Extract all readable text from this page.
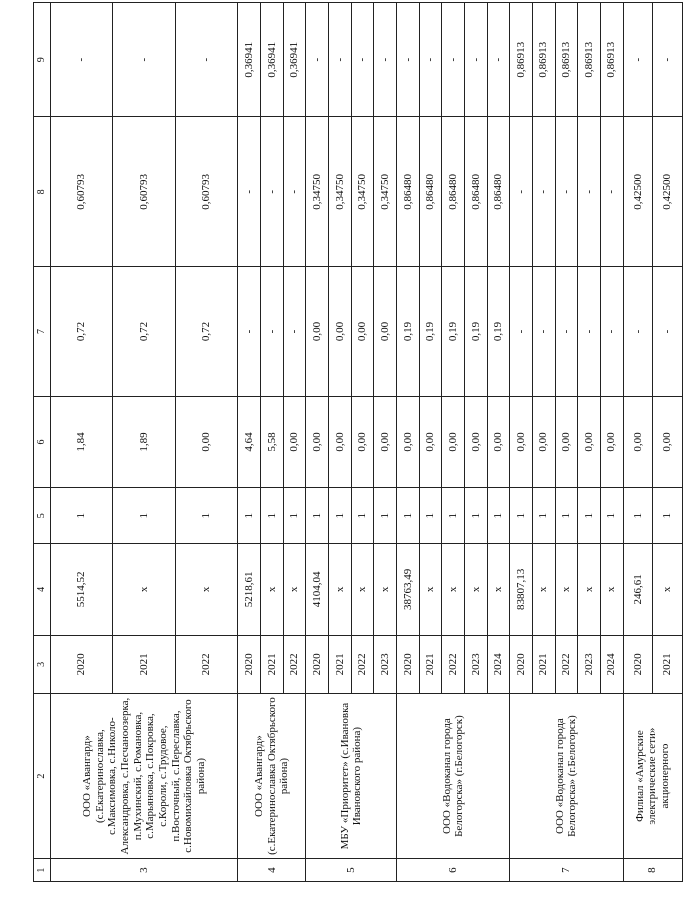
1	2	3	4	5	6	7	8	9
3	ООО «Авангард» (с.Екатеринославка, с.Максимовка, с.Николо-Александровка, с.Песчаноозерка, п.Мухинский, с.Романовка, с.Марьяновка, с.Покровка, с.Короли, с.Трудовое, п.Восточный, с.Переславка, с.Новомихайловка Октябрьского района)	2020	5514,52	1	1,84	0,72	0,60793	-
		2021	x	1	1,89	0,72	0,60793	-
		2022	x	1	0,00	0,72	0,60793	-
4	ООО «Авангард» (с.Екатеринославка Октябрьского района)	2020	5218,61	1	4,64	-	-	0,36941
		2021	x	1	5,58	-	-	0,36941
		2022	x	1	0,00	-	-	0,36941
5	МБУ «Приоритет» (с.Ивановка Ивановского района)	2020	4104,04	1	0,00	0,00	0,34750	-
		2021	x	1	0,00	0,00	0,34750	-
		2022	x	1	0,00	0,00	0,34750	-
		2023	x	1	0,00	0,00	0,34750	-
6	ООО «Водоканал города Белогорска» (г.Белогорск)	2020	38763,49	1	0,00	0,19	0,86480	-
		2021	x	1	0,00	0,19	0,86480	-
		2022	x	1	0,00	0,19	0,86480	-
		2023	x	1	0,00	0,19	0,86480	-
		2024	x	1	0,00	0,19	0,86480	-
7	ООО «Водоканал города Белогорска» (г.Белогорск)	2020	83807,13	1	0,00	-	-	0,86913
		2021	x	1	0,00	-	-	0,86913
		2022	x	1	0,00	-	-	0,86913
		2023	x	1	0,00	-	-	0,86913
		2024	x	1	0,00	-	-	0,86913
8	Филиал «Амурские электрические сети» акционерного	2020	246,61	1	0,00	-	0,42500	-
		2021	x	1	0,00	-	0,42500	-
